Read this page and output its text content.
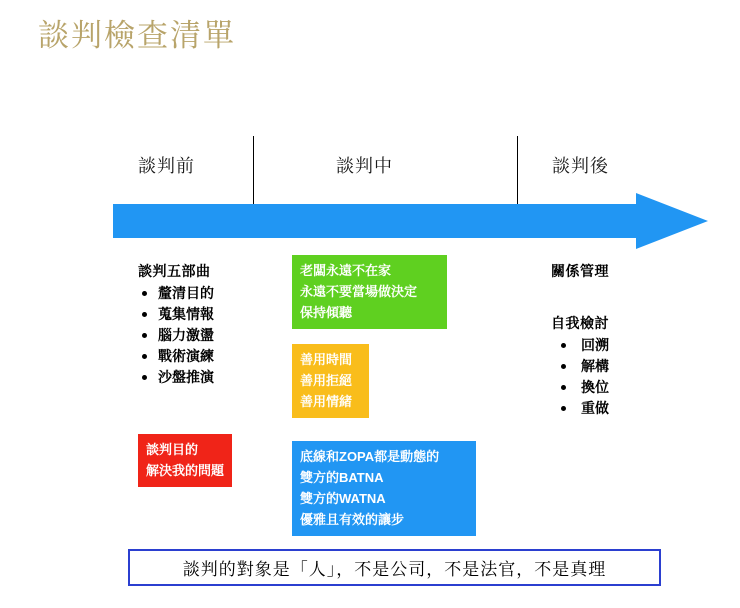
談判檢查清單
談判前	談判中	談判後
談判五部曲
釐清目的
蒐集情報
腦力激盪
戰術演練
沙盤推演
談判目的
解決我的問題
老闆永遠不在家
永遠不要當場做決定
保持傾聽
善用時間
善用拒絕
善用情緒
底線和ZOPA都是動態的
雙方的BATNA
雙方的WATNA
優雅且有效的讓步
關係管理
自我檢討
回溯
解構
換位
重做
談判的對象是「人」，不是公司，不是法官，不是真理
